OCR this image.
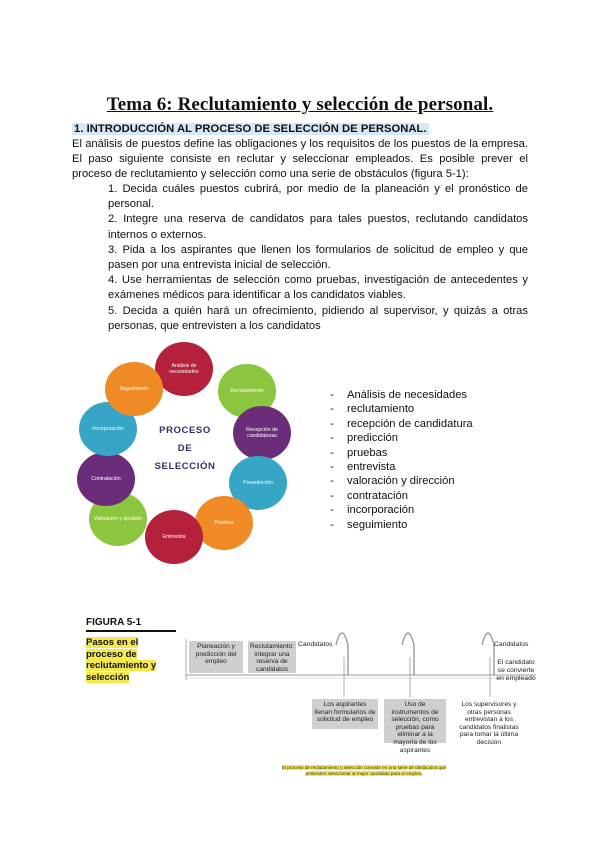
Tema 6: Reclutamiento y selección de personal.
1. INTRODUCCIÓN AL PROCESO DE SELECCIÓN DE PERSONAL.

El análisis de puestos define las obligaciones y los requisitos de los puestos de la empresa. El paso siguiente consiste en reclutar y seleccionar empleados. Es posible prever el proceso de reclutamiento y selección como una serie de obstáculos (figura 5-1):

1. Decida cuáles puestos cubrirá, por medio de la planeación y el pronóstico de personal.

2. Integre una reserva de candidatos para tales puestos, reclutando candidatos internos o externos.

3. Pida a los aspirantes que llenen los formularios de solicitud de empleo y que pasen por una entrevista inicial de selección.

4. Use herramientas de selección como pruebas, investigación de antecedentes y exámenes médicos para identificar a los candidatos viables.

5. Decida a quién hará un ofrecimiento, pidiendo al supervisor, y quizás a otras personas, que entrevisten a los candidatos

Análisis de necesidades
Reclutamiento
Recepción de candidaturas
Preselección
Pruebas
Entrevista
Valoración y decisión
Contratación
Incorporación
Seguimiento
PROCESO
DE
SELECCIÓN
-	Análisis de necesidades
-	reclutamiento
-	recepción de candidatura
-	predicción
-	pruebas
-	entrevista
-	valoración y dirección
-	contratación
-	incorporación
-	seguimiento
FIGURA 5-1
Pasos en el proceso de reclutamiento y selección
Planeación y predicción del empleo
Reclutamiento: integrar una reserva de candidatos
Candidatos	Candidatos
El candidato se convierte en empleado
Los aspirantes llenan formularios de solicitud de empleo
Uso de instrumentos de selección, como pruebas para eliminar a la mayoría de los aspirantes
Los supervisores y otras personas entrevistan a los candidatos finalistas para tomar la última decisión
El proceso de reclutamiento y selección consiste en una serie de obstáculos que pretenden seleccionar al mejor candidato para el empleo.
